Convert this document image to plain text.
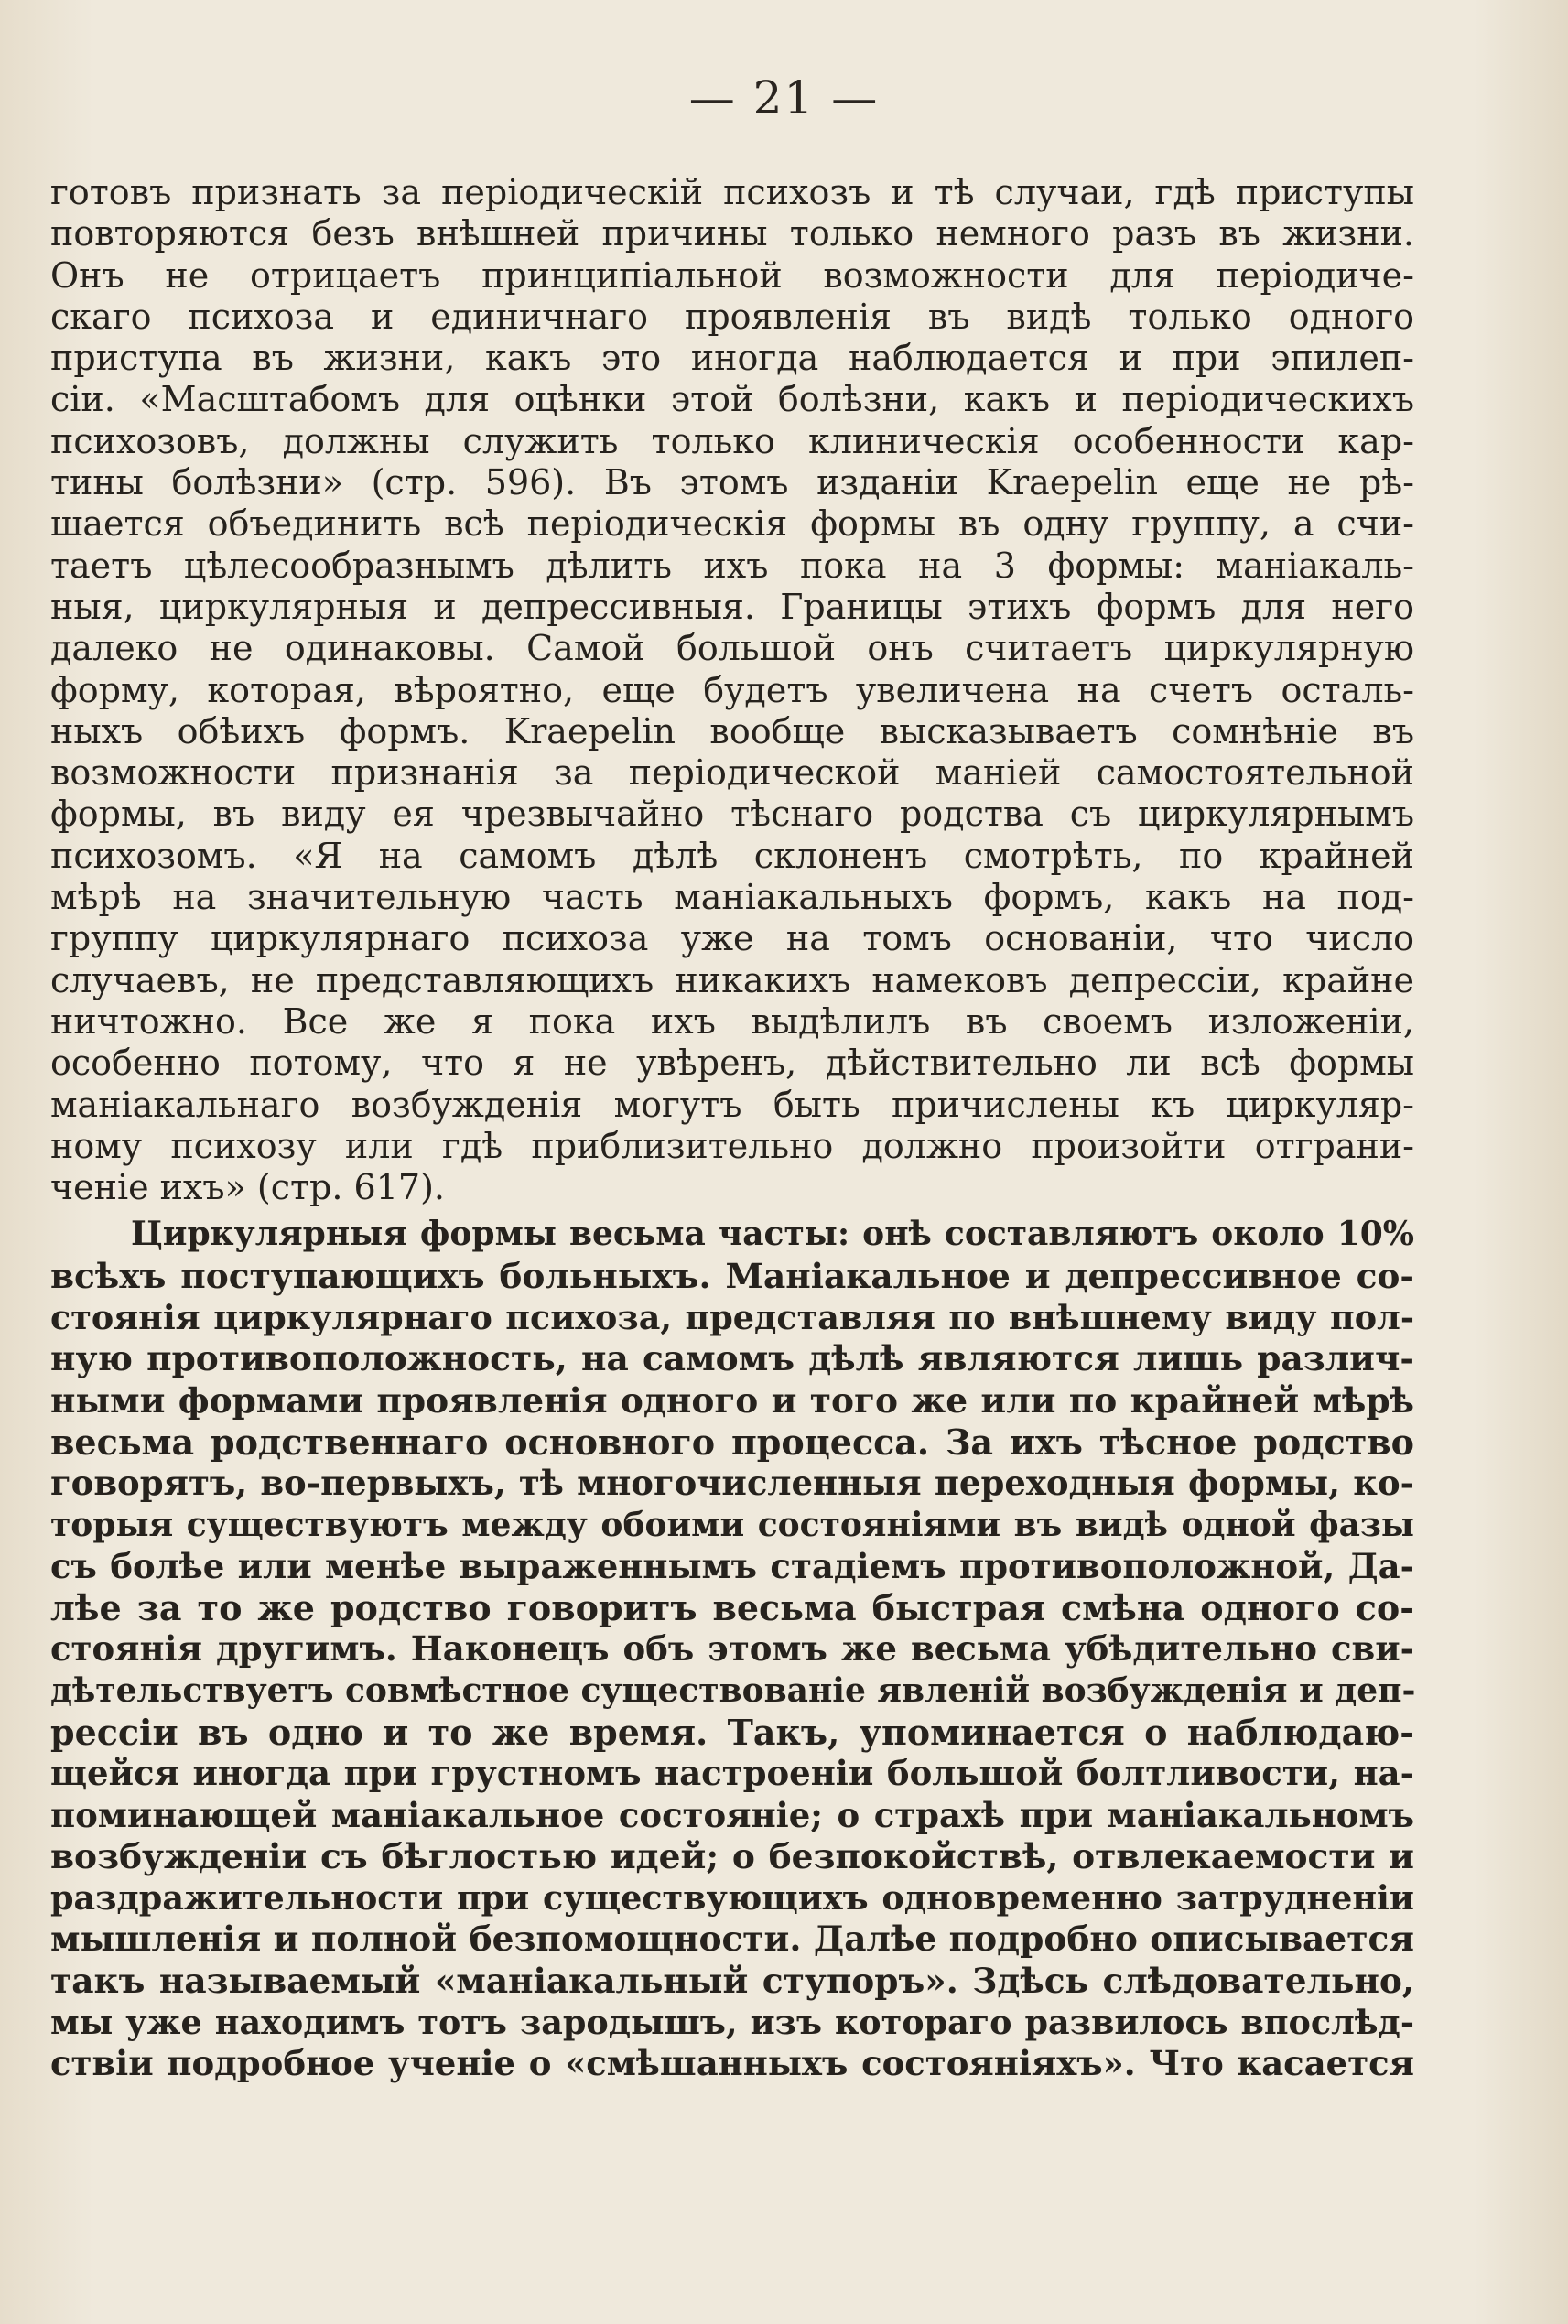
— 21 —
готовъ признать за періодическій психозъ и тѣ случаи, гдѣ приступы
повторяются безъ внѣшней причины только немного разъ въ жизни.
Онъ не отрицаетъ принципіальной возможности для періодиче-
скаго психоза и единичнаго проявленія въ видѣ только одного
приступа въ жизни, какъ это иногда наблюдается и при эпилеп-
сіи. «Масштабомъ для оцѣнки этой болѣзни, какъ и періодическихъ
психозовъ, должны служить только клиническія особенности кар-
тины болѣзни» (стр. 596). Въ этомъ изданіи Kraepelin еще не рѣ-
шается объединить всѣ періодическія формы въ одну группу, а счи-
таетъ цѣлесообразнымъ дѣлить ихъ пока на 3 формы: маніакаль-
ныя, циркулярныя и депрессивныя. Границы этихъ формъ для него
далеко не одинаковы. Самой большой онъ считаетъ циркулярную
форму, которая, вѣроятно, еще будетъ увеличена на счетъ осталь-
ныхъ обѣихъ формъ. Kraepelin вообще высказываетъ сомнѣніе въ
возможности признанія за періодической маніей самостоятельной
формы, въ виду ея чрезвычайно тѣснаго родства съ циркулярнымъ
психозомъ. «Я на самомъ дѣлѣ склоненъ смотрѣть, по крайней
мѣрѣ на значительную часть маніакальныхъ формъ, какъ на под-
группу циркулярнаго психоза уже на томъ основаніи, что число
случаевъ, не представляющихъ никакихъ намековъ депрессіи, крайне
ничтожно. Все же я пока ихъ выдѣлилъ въ своемъ изложеніи,
особенно потому, что я не увѣренъ, дѣйствительно ли всѣ формы
маніакальнаго возбужденія могутъ быть причислены къ циркуляр-
ному психозу или гдѣ приблизительно должно произойти отграни-
ченіе ихъ» (стр. 617).
Циркулярныя формы весьма часты: онѣ составляютъ около 10%
всѣхъ поступающихъ больныхъ. Маніакальное и депрессивное со-
стоянія циркулярнаго психоза, представляя по внѣшнему виду пол-
ную противоположность, на самомъ дѣлѣ являются лишь различ-
ными формами проявленія одного и того же или по крайней мѣрѣ
весьма родственнаго основного процесса. За ихъ тѣсное родство
говорятъ, во-первыхъ, тѣ многочисленныя переходныя формы, ко-
торыя существуютъ между обоими состояніями въ видѣ одной фазы
съ болѣе или менѣе выраженнымъ стадіемъ противоположной, Да-
лѣе за то же родство говоритъ весьма быстрая смѣна одного со-
стоянія другимъ. Наконецъ объ этомъ же весьма убѣдительно сви-
дѣтельствуетъ совмѣстное существованіе явленій возбужденія и деп-
рессіи въ одно и то же время. Такъ, упоминается о наблюдаю-
щейся иногда при грустномъ настроеніи большой болтливости, на-
поминающей маніакальное состояніе; о страхѣ при маніакальномъ
возбужденіи съ бѣглостью идей; о безпокойствѣ, отвлекаемости и
раздражительности при существующихъ одновременно затрудненіи
мышленія и полной безпомощности. Далѣе подробно описывается
такъ называемый «маніакальный ступоръ». Здѣсь слѣдовательно,
мы уже находимъ тотъ зародышъ, изъ котораго развилось впослѣд-
ствіи подробное ученіе о «смѣшанныхъ состояніяхъ». Что касается
